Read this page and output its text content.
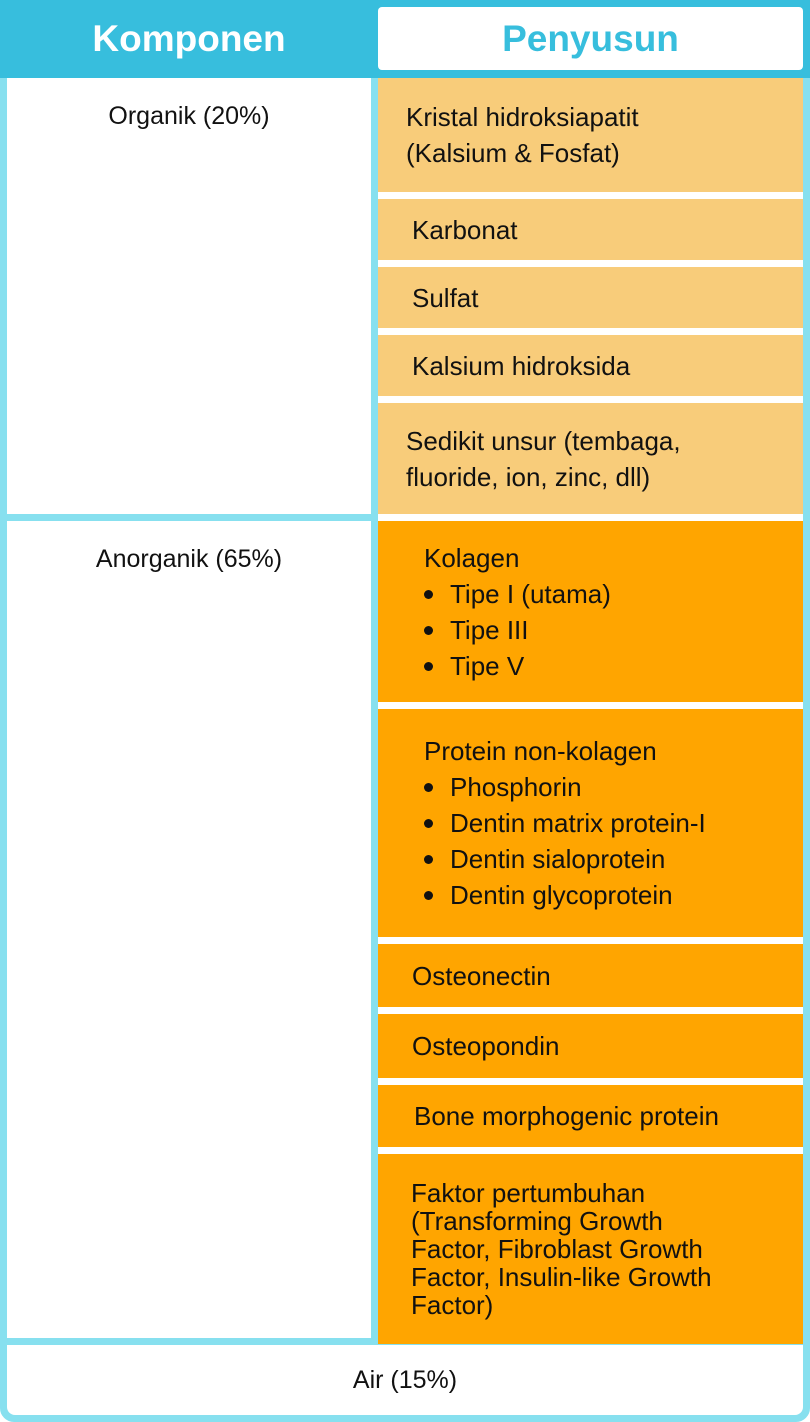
Komponen	Penyusun
Organik (20%)
Anorganik (65%)
Kristal hidroksiapatit
(Kalsium & Fosfat)
Karbonat
Sulfat
Kalsium hidroksida
Sedikit unsur (tembaga,
fluoride, ion, zinc, dll)
Kolagen
Tipe I (utama)
Tipe III
Tipe V
Protein non-kolagen
Phosphorin
Dentin matrix protein-I
Dentin sialoprotein
Dentin glycoprotein
Osteonectin
Osteopondin
Bone morphogenic protein
Faktor pertumbuhan
(Transforming Growth
Factor, Fibroblast Growth
Factor, Insulin-like Growth
Factor)
Air (15%)
